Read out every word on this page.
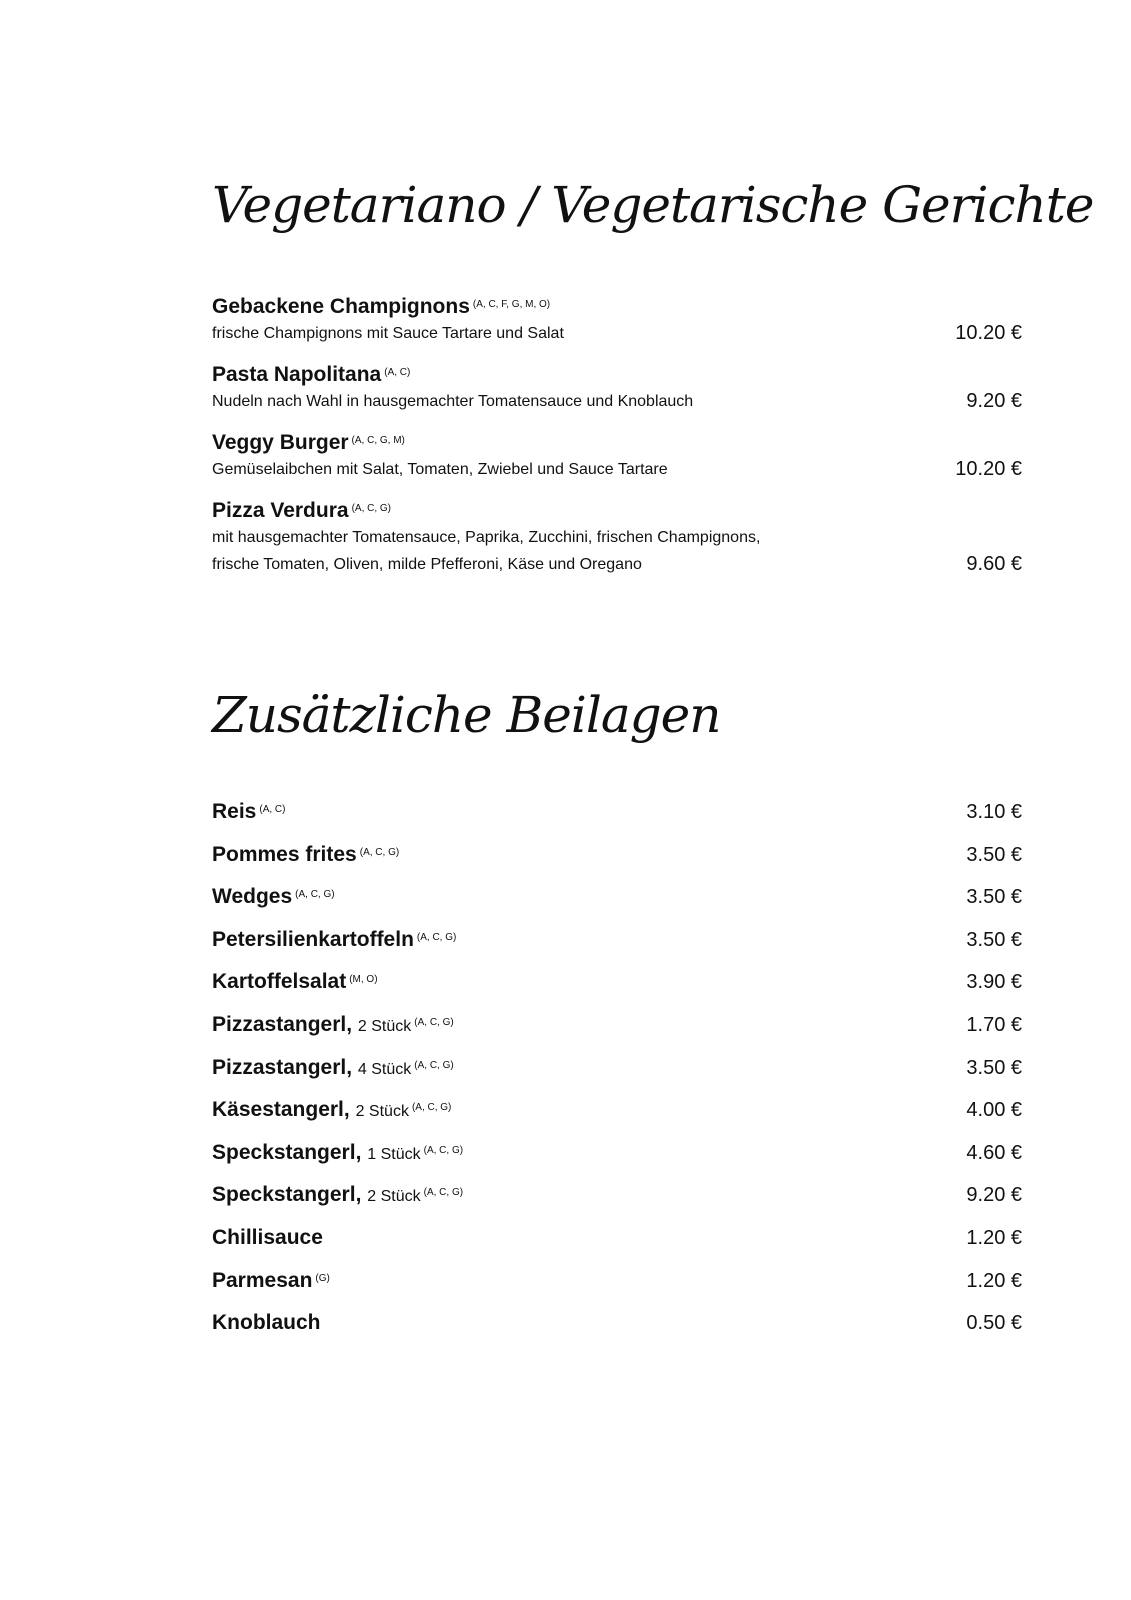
Vegetariano / Vegetarische Gerichte
Gebackene Champignons $^{(A, C, F, G, M, O)}$
frische Champignons mit Sauce Tartare und Salat	10.20 €
Pasta Napolitana $^{(A, C)}$
Nudeln nach Wahl in hausgemachter Tomatensauce und Knoblauch	9.20 €
Veggy Burger $^{(A, C, G, M)}$
Gemüselaibchen mit Salat, Tomaten, Zwiebel und Sauce Tartare	10.20 €
Pizza Verdura $^{(A, C, G)}$
mit hausgemachter Tomatensauce, Paprika, Zucchini, frischen Champignons,
frische Tomaten, Oliven, milde Pfefferoni, Käse und Oregano	9.60 €
Zusätzliche Beilagen
Reis $^{(A, C)}$	3.10 €
Pommes frites $^{(A, C, G)}$	3.50 €
Wedges $^{(A, C, G)}$	3.50 €
Petersilienkartoffeln $^{(A, C, G)}$	3.50 €
Kartoffelsalat $^{(M, O)}$	3.90 €
Pizzastangerl, 2 Stück $^{(A, C, G)}$	1.70 €
Pizzastangerl, 4 Stück $^{(A, C, G)}$	3.50 €
Käsestangerl, 2 Stück $^{(A, C, G)}$	4.00 €
Speckstangerl, 1 Stück $^{(A, C, G)}$	4.60 €
Speckstangerl, 2 Stück $^{(A, C, G)}$	9.20 €
Chillisauce	1.20 €
Parmesan $^{(G)}$	1.20 €
Knoblauch	0.50 €
